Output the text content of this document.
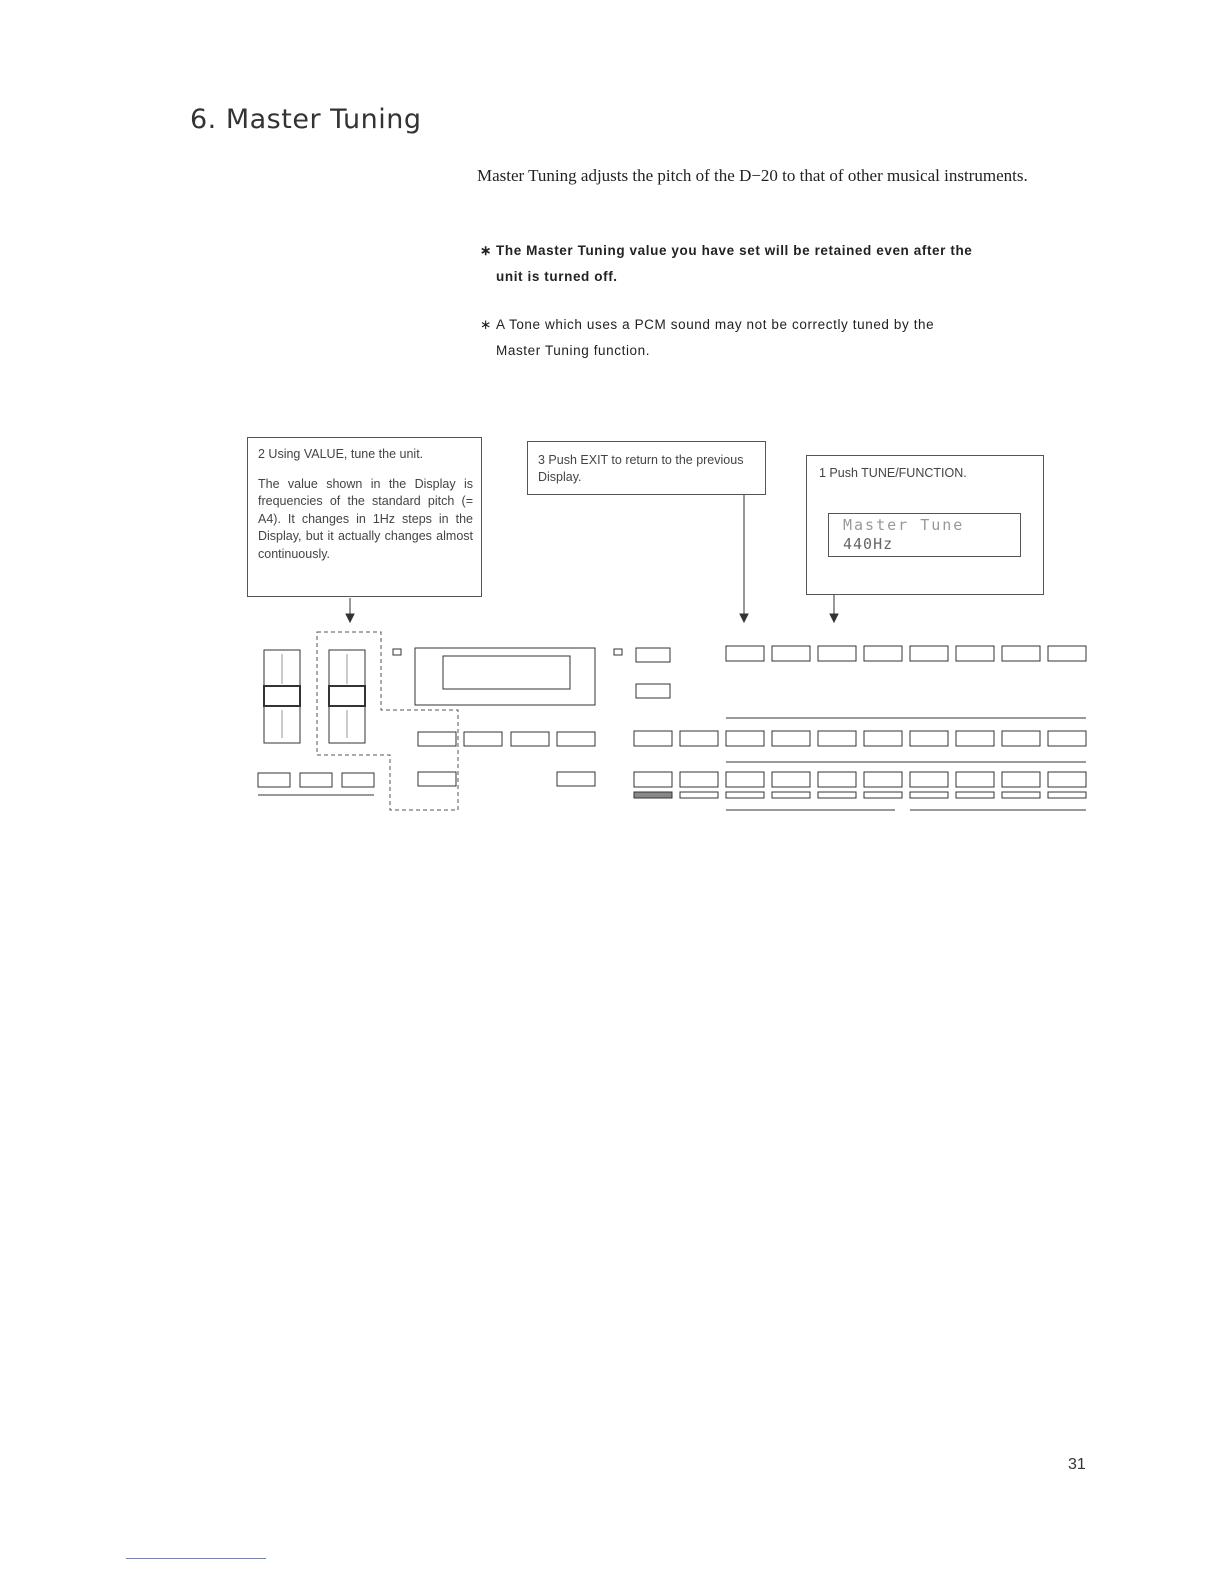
6. Master Tuning

Master Tuning adjusts the pitch of the D−20 to that of other musical instruments.

∗ The Master Tuning value you have set will be retained even after the
unit is turned off.

∗ A Tone which uses a PCM sound may not be correctly tuned by the
Master Tuning function.

2 Using VALUE, tune the unit.

The value shown in the Display is frequencies of the standard pitch (= A4). It changes in 1Hz steps in the Display, but it actually changes almost continuously.

3 Push EXIT to return to the previous Display.	1 Push TUNE/FUNCTION.

Master Tune
440Hz

31
